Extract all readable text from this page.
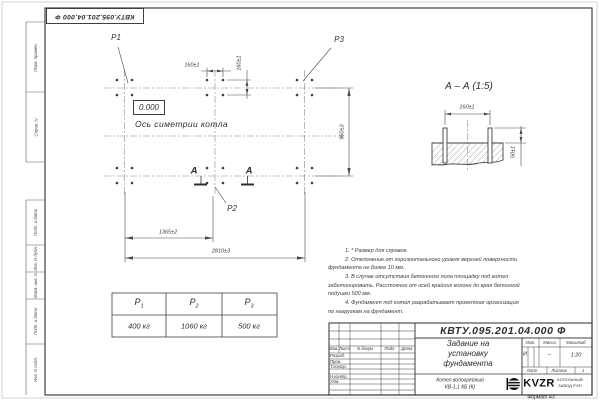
КВТУ.095.201.04.000 Ф
Перв. примен.
Справ. N
Подп. и дата
Инв. N дубл.
Взам. инв. N
Подп. и дата
Инв. N подл.
P1
P2
P3
0.000
Ось симетрии котла
А	А
160±1	160±1
960±3
1365±2
2810±3
А – А (1:5)
160±1
50±1
$Р_1$	$Р_2$	$Р_3$
400 кг	1060 кг	500 кг
1. * Размер для справок.
2. Отклонение от горизонтального уровня верхней поверхности
фундамента не более 10 мм.
3. В случае отсутствия бетонного пола площадку под котел
забетонировать. Расстояние от осей крайних колонн до края бетонной
подушки 500 мм.
4. Фундамент под котел разрабатывает проектная организация
по нагрузкам на фундамент.
КВТУ.095.201.04.000 Ф
Задание на
установку
фундамента
Котел водогрейный
КВ-1,1 КБ (К)
Изм. Лист N докум. Подп. Дата
Разраб.
Пров.
Т.контр.
Н.контр.
Утв.
Лит. Масса	Масштаб
И	–	1:20
Лист	Листов	1
KVZR КОТЕЛЬНЫЙ
ЗАВОД РЭП
Формат А3
